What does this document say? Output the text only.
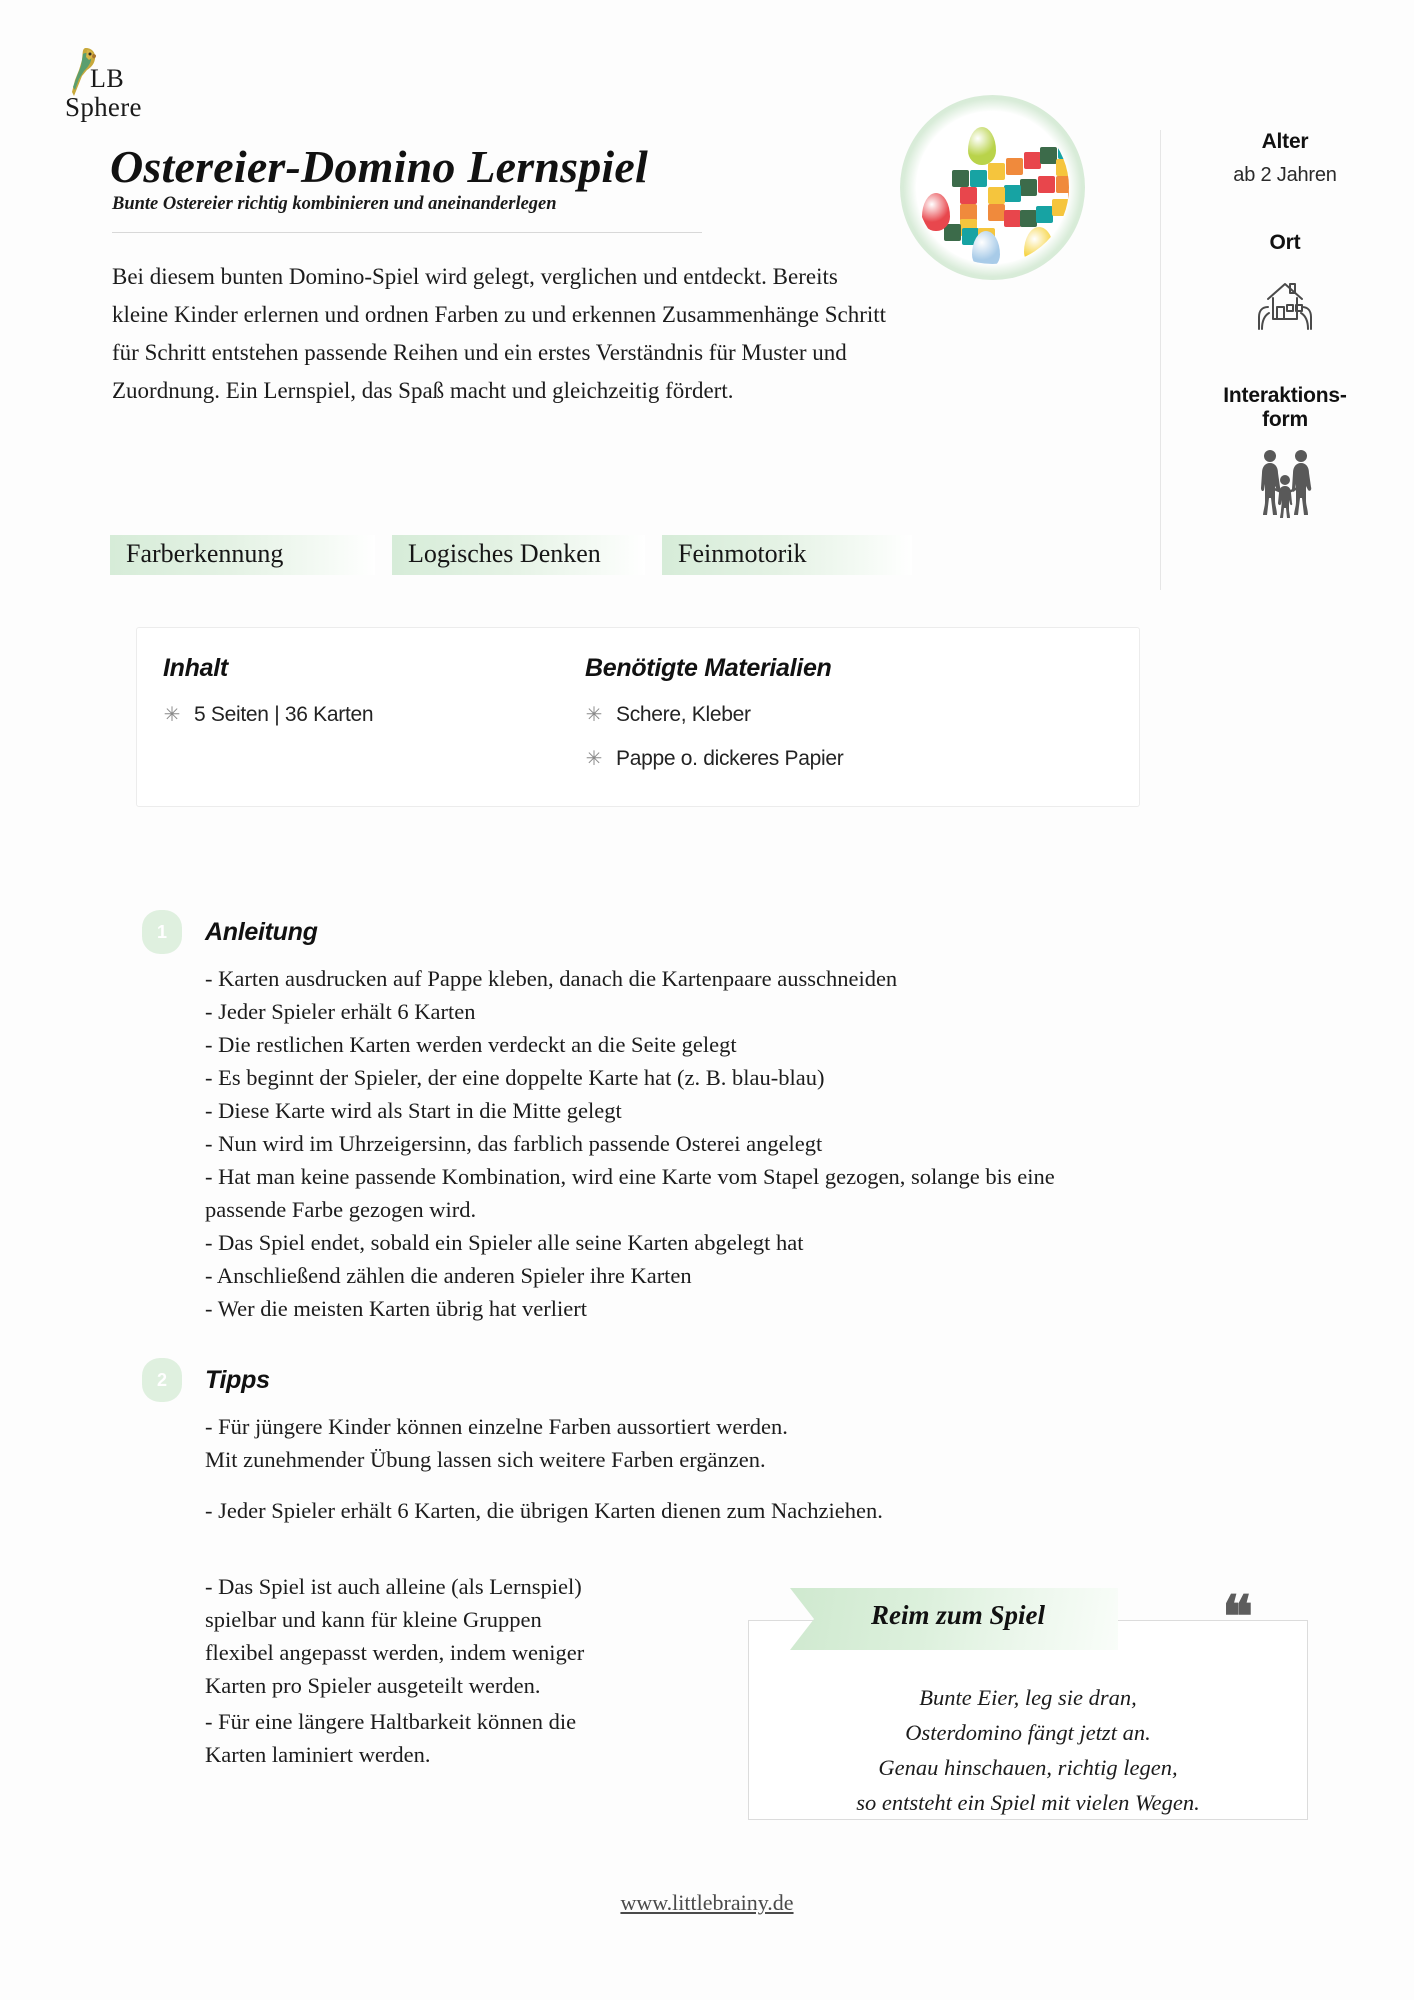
LB
Sphere
Ostereier-Domino Lernspiel
Bunte Ostereier richtig kombinieren und aneinanderlegen
Bei diesem bunten Domino-Spiel wird gelegt, verglichen und entdeckt. Bereits kleine Kinder erlernen und ordnen Farben zu und erkennen Zusammenhänge Schritt für Schritt entstehen passende Reihen und ein erstes Verständnis für Muster und Zuordnung. Ein Lernspiel, das Spaß macht und gleichzeitig fördert.
Alter
ab 2 Jahren
Ort
Interaktions-
form
Farberkennung	Logisches Denken	Feinmotorik
Inhalt
✳ 5 Seiten | 36 Karten
Benötigte Materialien
✳ Schere, Kleber
✳ Pappe o. dickeres Papier
1	Anleitung
- Karten ausdrucken auf Pappe kleben, danach die Kartenpaare ausschneiden
- Jeder Spieler erhält 6 Karten
- Die restlichen Karten werden verdeckt an die Seite gelegt
- Es beginnt der Spieler, der eine doppelte Karte hat (z. B. blau-blau)
- Diese Karte wird als Start in die Mitte gelegt
- Nun wird im Uhrzeigersinn, das farblich passende Osterei angelegt
- Hat man keine passende Kombination, wird eine Karte vom Stapel gezogen, solange bis eine passende Farbe gezogen wird.
- Das Spiel endet, sobald ein Spieler alle seine Karten abgelegt hat
- Anschließend zählen die anderen Spieler ihre Karten
- Wer die meisten Karten übrig hat verliert
2	Tipps
- Für jüngere Kinder können einzelne Farben aussortiert werden.
Mit zunehmender Übung lassen sich weitere Farben ergänzen.
- Jeder Spieler erhält 6 Karten, die übrigen Karten dienen zum Nachziehen.
- Das Spiel ist auch alleine (als Lernspiel)
spielbar und kann für kleine Gruppen
flexibel angepasst werden, indem weniger
Karten pro Spieler ausgeteilt werden.
- Für eine längere Haltbarkeit können die
Karten laminiert werden.
Reim zum Spiel	❝
Bunte Eier, leg sie dran,
Osterdomino fängt jetzt an.
Genau hinschauen, richtig legen,
so entsteht ein Spiel mit vielen Wegen.
www.littlebrainy.de
